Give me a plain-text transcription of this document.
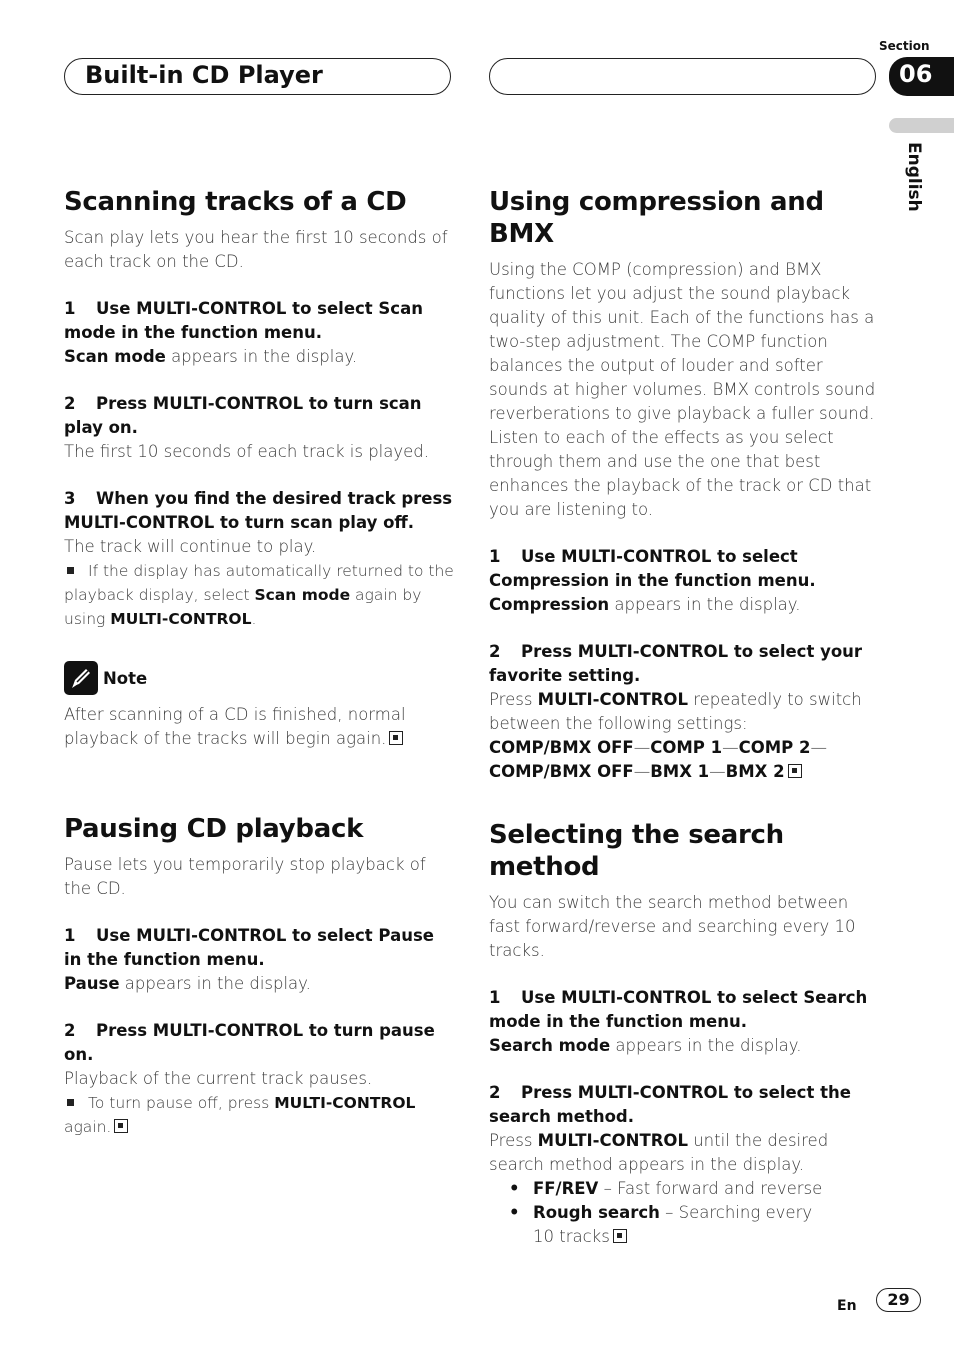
Built-in CD Player
Section
06
English
Scanning tracks of a CD

Scan play lets you hear the first 10 seconds of each track on the CD.

1 Use MULTI-CONTROL to select Scan mode in the function menu.

Scan mode appears in the display.

2 Press MULTI-CONTROL to turn scan play on.

The first 10 seconds of each track is played.

3 When you find the desired track press MULTI-CONTROL to turn scan play off.

The track will continue to play.

If the display has automatically returned to the playback display, select Scan mode again by using MULTI-CONTROL.

Note

After scanning of a CD is finished, normal playback of the tracks will begin again.

Pausing CD playback

Pause lets you temporarily stop playback of the CD.

1 Use MULTI-CONTROL to select Pause in the function menu.

Pause appears in the display.

2 Press MULTI-CONTROL to turn pause on.

Playback of the current track pauses.

To turn pause off, press MULTI-CONTROL again.

Using compression and BMX

Using the COMP (compression) and BMX functions let you adjust the sound playback quality of this unit. Each of the functions has a two-step adjustment. The COMP function balances the output of louder and softer sounds at higher volumes. BMX controls sound reverberations to give playback a fuller sound. Listen to each of the effects as you select through them and use the one that best enhances the playback of the track or CD that you are listening to.

1 Use MULTI-CONTROL to select Compression in the function menu.

Compression appears in the display.

2 Press MULTI-CONTROL to select your favorite setting.

Press MULTI-CONTROL repeatedly to switch between the following settings:

COMP/BMX OFF—COMP 1—COMP 2— COMP/BMX OFF—BMX 1—BMX 2

Selecting the search method

You can switch the search method between fast forward/reverse and searching every 10 tracks.

1 Use MULTI-CONTROL to select Search mode in the function menu.

Search mode appears in the display.

2 Press MULTI-CONTROL to select the search method.

Press MULTI-CONTROL until the desired search method appears in the display.

• FF/REV – Fast forward and reverse
• Rough search – Searching every 10 tracks
En	29
